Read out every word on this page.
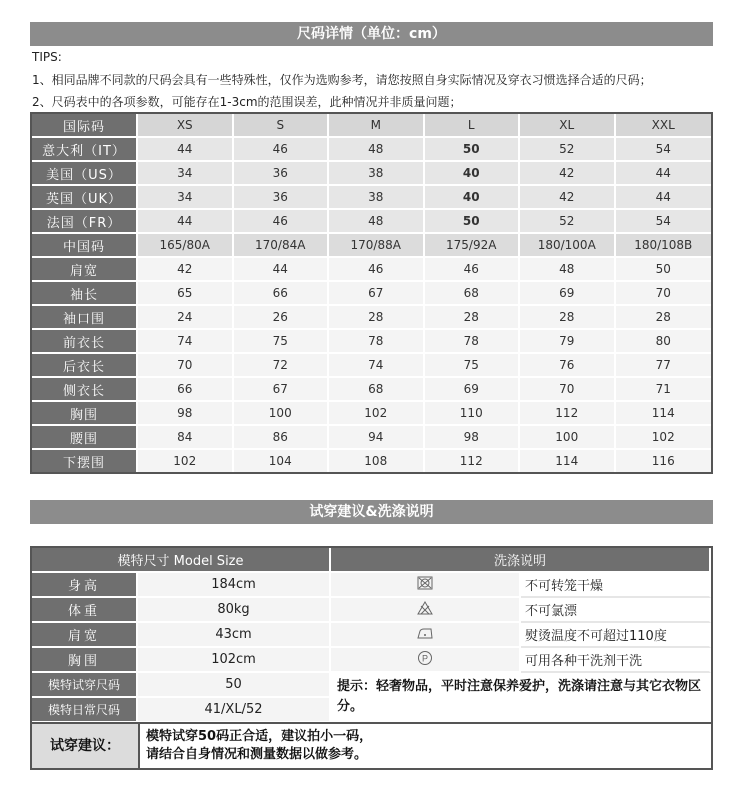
尺码详情（单位：cm）
TIPS:
1、相同品牌不同款的尺码会具有一些特殊性，仅作为选购参考，请您按照自身实际情况及穿衣习惯选择合适的尺码；
2、尺码表中的各项参数，可能存在1-3cm的范围误差，此种情况并非质量问题；
国际码	XS	S	M	L	XL	XXL
意大利（IT）	44	46	48	50	52	54
美国（US）	34	36	38	40	42	44
英国（UK）	34	36	38	40	42	44
法国（FR）	44	46	48	50	52	54
中国码	165/80A	170/84A	170/88A	175/92A	180/100A	180/108B
肩宽	42	44	46	46	48	50
袖长	65	66	67	68	69	70
袖口围	24	26	28	28	28	28
前衣长	74	75	78	78	79	80
后衣长	70	72	74	75	76	77
侧衣长	66	67	68	69	70	71
胸围	98	100	102	110	112	114
腰围	84	86	94	98	100	102
下摆围	102	104	108	112	114	116
试穿建议&洗涤说明
模特尺寸 Model Size		洗涤说明	
身高	184cm		不可转笼干燥
体重	80kg		不可氯漂
肩宽	43cm		熨烫温度不可超过110度
胸围	102cm	P	可用各种干洗剂干洗
模特试穿尺码	50	提示：轻奢物品，平时注意保养爱护，洗涤请注意与其它衣物区分。	
模特日常尺码	41/XL/52		
试穿建议：
模特试穿50码正合适，建议拍小一码，
请结合自身情况和测量数据以做参考。
